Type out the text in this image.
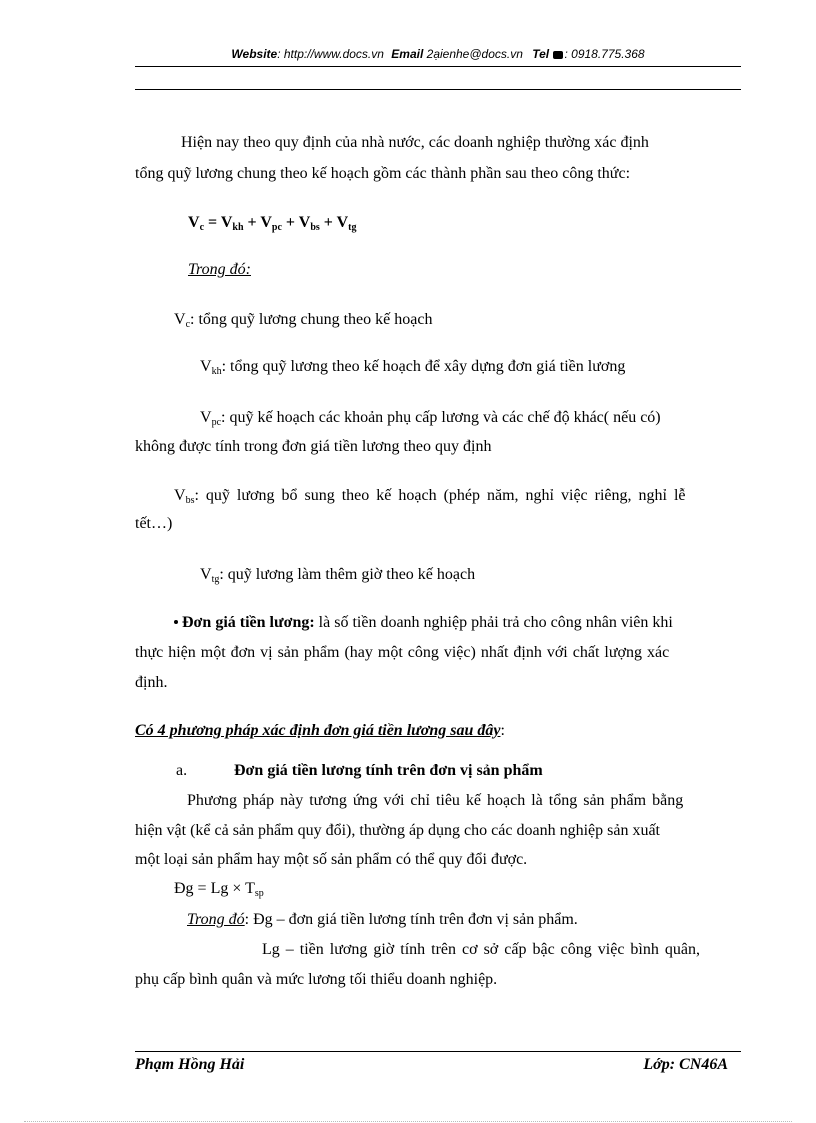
Website: http://www.docs.vn Email 2ạienhe@docs.vn Tel : 0918.775.368
Hiện nay theo quy định của nhà nước, các doanh nghiệp thường xác định
tổng quỹ lương chung theo kế hoạch gồm các thành phần sau theo công thức:
$V_c = V_{kh} + V_{pc} + V_{bs} + V_{tg}$
Trong đó:
$V_c$: tổng quỹ lương chung theo kế hoạch
$V_{kh}$: tổng quỹ lương theo kế hoạch để xây dựng đơn giá tiền lương
$V_{pc}$: quỹ kế hoạch các khoản phụ cấp lương và các chế độ khác( nếu có)
không được tính trong đơn giá tiền lương theo quy định
$V_{bs}$: quỹ lương bổ sung theo kế hoạch (phép năm, nghỉ việc riêng, nghỉ lễ
tết…)
$V_{tg}$: quỹ lương làm thêm giờ theo kế hoạch
Đơn giá tiền lương: là số tiền doanh nghiệp phải trả cho công nhân viên khi
thực hiện một đơn vị sản phẩm (hay một công việc) nhất định với chất lượng xác
định.
Có 4 phương pháp xác định đơn giá tiền lương sau đây:
a.	Đơn giá tiền lương tính trên đơn vị sản phẩm
Phương pháp này tương ứng với chỉ tiêu kế hoạch là tổng sản phẩm bằng
hiện vật (kể cả sản phẩm quy đổi), thường áp dụng cho các doanh nghiệp sản xuất
một loại sản phẩm hay một số sản phẩm có thể quy đổi được.
Đg = $Lg \times T_{sp}$
Trong đó: Đg – đơn giá tiền lương tính trên đơn vị sản phẩm.
Lg – tiền lương giờ tính trên cơ sở cấp bậc công việc bình quân,
phụ cấp bình quân và mức lương tối thiểu doanh nghiệp.
Phạm Hồng Hải	Lớp: CN46A
